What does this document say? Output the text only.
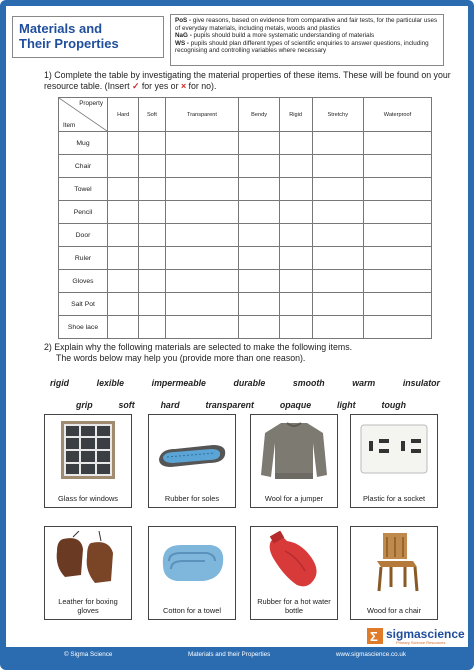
Materials and
Their Properties
PoS - give reasons, based on evidence from comparative and fair tests, for the particular uses of everyday materials, including metals, woods and plastics
NaG - pupils should build a more systematic understanding of materials
WS - pupils should plan different types of scientific enquiries to answer questions, including recognising and controlling variables where necessary
1) Complete the table by investigating the material properties of these items. These will be found on your resource table. (Insert ✓ for yes or × for no).
Property
Item	Hard	Soft	Transparent	Bendy	Rigid	Stretchy	Waterproof
Mug							
Chair							
Towel							
Pencil							
Door							
Ruler							
Gloves							
Salt Pot							
Shoe lace							
2) Explain why the following materials are selected to make the following items.
The words below may help you (provide more than one reason).
rigid	lexible	impermeable	durable	smooth	warm	insulator
grip	soft	hard	transparent	opaque	light	tough
Glass for windows	Rubber for soles	Wool for a jumper	Plastic for a socket
Leather for boxing gloves	Cotton for a towel
Rubber for a hot water bottle	Wood for a chair
Σ sigmascience
Primary Science Resources
© Sigma Science	Materials and their Properties	www.sigmascience.co.uk
